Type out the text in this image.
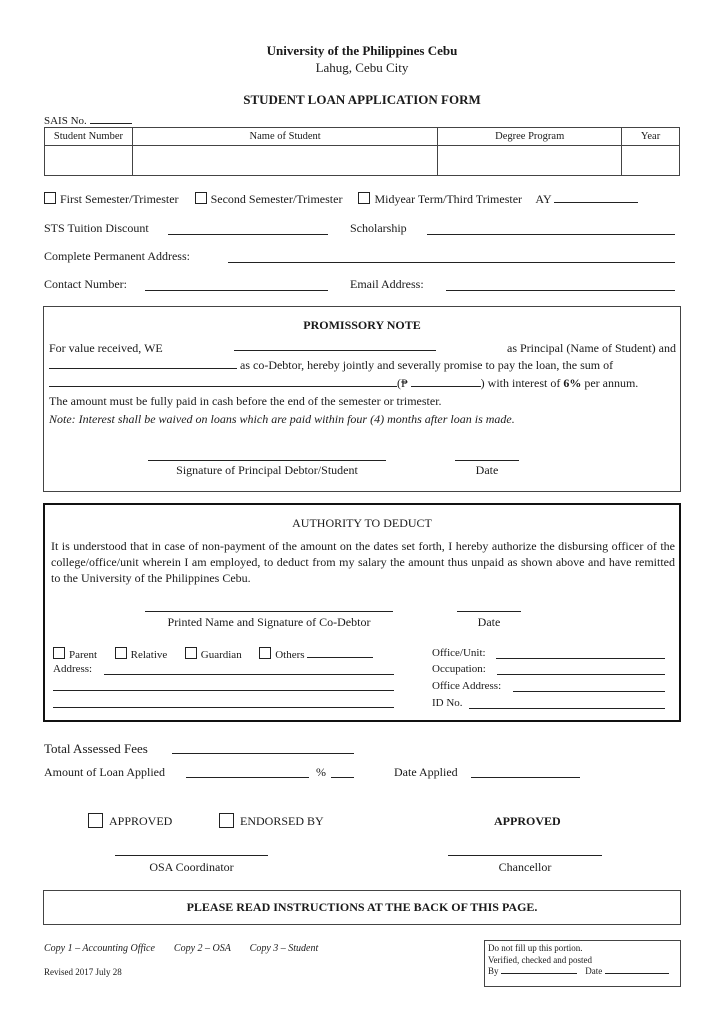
University of the Philippines Cebu
Lahug, Cebu City
STUDENT LOAN APPLICATION FORM
SAIS No.
Student Number	Name of Student	Degree Program	Year

First Semester/Trimester	Second Semester/Trimester	Midyear Term/Third Trimester AY
STS Tuition Discount	Scholarship
Complete Permanent Address:
Contact Number:	Email Address:
PROMISSORY NOTE
For value received, WE	as Principal (Name of Student) and
as co-Debtor, hereby jointly and severally promise to pay the loan, the sum of
(₱	) with interest of 6% per annum.
The amount must be fully paid in cash before the end of the semester or trimester.
Note: Interest shall be waived on loans which are paid within four (4) months after loan is made.
Signature of Principal Debtor/Student	Date
AUTHORITY TO DEDUCT
It is understood that in case of non-payment of the amount on the dates set forth, I hereby authorize the disbursing officer of the college/office/unit wherein I am employed, to deduct from my salary the amount thus unpaid as shown above and have remitted to the University of the Philippines Cebu.
Printed Name and Signature of Co-Debtor	Date
Parent	Relative	Guardian	Others
Address:
Office/Unit:
Occupation:
Office Address:
ID No.
Total Assessed Fees
Amount of Loan Applied	%	Date Applied
APPROVED	ENDORSED BY	APPROVED
OSA Coordinator	Chancellor
PLEASE READ INSTRUCTIONS AT THE BACK OF THIS PAGE.
Copy 1 – Accounting Office Copy 2 – OSA Copy 3 – Student
Revised 2017 July 28
Do not fill up this portion.
Verified, checked and posted
By	Date
